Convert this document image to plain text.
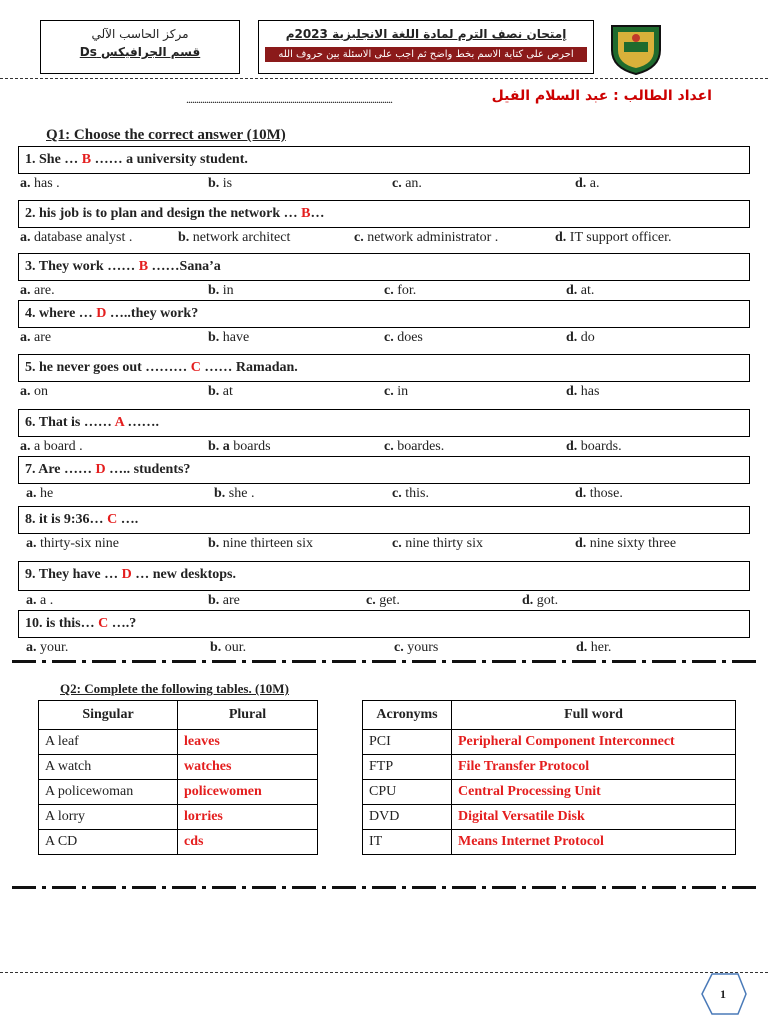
مركز الحاسب الآلي
قسم الجرافيكس Ds
إمتحان نصف الترم لمادة اللغة الانجليزية 2023م
احرص على كتابة الاسم بخط واضح ثم اجب على الاسئلة بين حروف الله
.......................................................................................................	اعداد الطالب : عبد السلام الفيل
Q1: Choose the correct answer (10M)
1. She … B …… a university student.
a. has .	b. is	c. an.	d. a.
2. his job is to plan and design the network … B…
a. database analyst .	b. network architect	c. network administrator .	d. IT support officer.
3. They work …… B ……Sana’a
a. are.	b. in	c. for.	d. at.
4. where … D …..they work?
a. are	b. have	c. does	d. do
5. he never goes out ……… C …… Ramadan.
a. on	b. at	c. in	d. has
6. That is …… A …….
a. a board .	b. a boards	c. boardes.	d. boards.
7. Are …… D ….. students?
a. he	b. she .	c. this.	d. those.
8. it is 9:36… C ….
a. thirty-six nine	b. nine thirteen six	c. nine thirty six	d. nine sixty three
9. They have … D … new desktops.
a. a .	b. are	c. get.	d. got.
10. is this… C ….?
a. your.	b. our.	c. yours	d. her.
Q2: Complete the following tables. (10M)
Singular	Plural
A leaf	leaves
A watch	watches
A policewoman	policewomen
A lorry	lorries
A CD	cds
Acronyms	Full word
PCI	Peripheral Component Interconnect
FTP	File Transfer Protocol
CPU	Central Processing Unit
DVD	Digital Versatile Disk
IT	Means Internet Protocol
1
